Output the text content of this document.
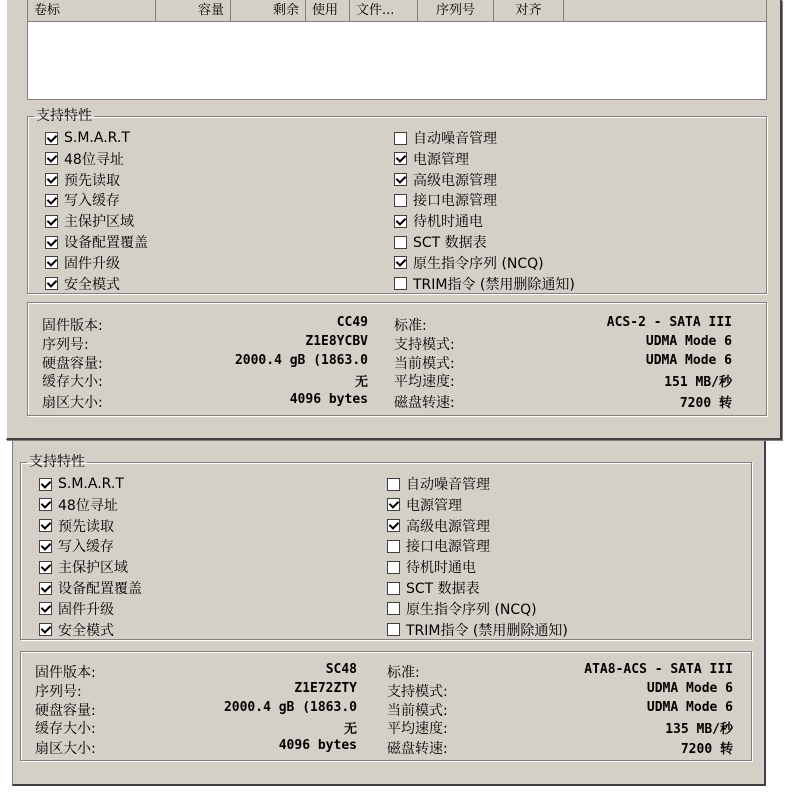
支持特性
S.M.A.R.T
48位寻址
预先读取
写入缓存
主保护区域
设备配置覆盖
固件升级
安全模式
自动噪音管理
电源管理
高级电源管理
接口电源管理
待机时通电
SCT 数据表
原生指令序列 (NCQ)
TRIM指令 (禁用删除通知)
固件版本:	SC48
序列号:	Z1E72ZTY
硬盘容量:	2000.4 gB (1863.0
缓存大小:	无
扇区大小:	4096 bytes
标准:	ATA8-ACS - SATA III
支持模式:	UDMA Mode 6
当前模式:	UDMA Mode 6
平均速度:	135 MB/秒
磁盘转速:	7200 转
卷标	容量	剩余	使用	文件...	序列号	对齐
支持特性
S.M.A.R.T
48位寻址
预先读取
写入缓存
主保护区域
设备配置覆盖
固件升级
安全模式
自动噪音管理
电源管理
高级电源管理
接口电源管理
待机时通电
SCT 数据表
原生指令序列 (NCQ)
TRIM指令 (禁用删除通知)
固件版本:	CC49
序列号:	Z1E8YCBV
硬盘容量:	2000.4 gB (1863.0
缓存大小:	无
扇区大小:	4096 bytes
标准:	ACS-2 - SATA III
支持模式:	UDMA Mode 6
当前模式:	UDMA Mode 6
平均速度:	151 MB/秒
磁盘转速:	7200 转
